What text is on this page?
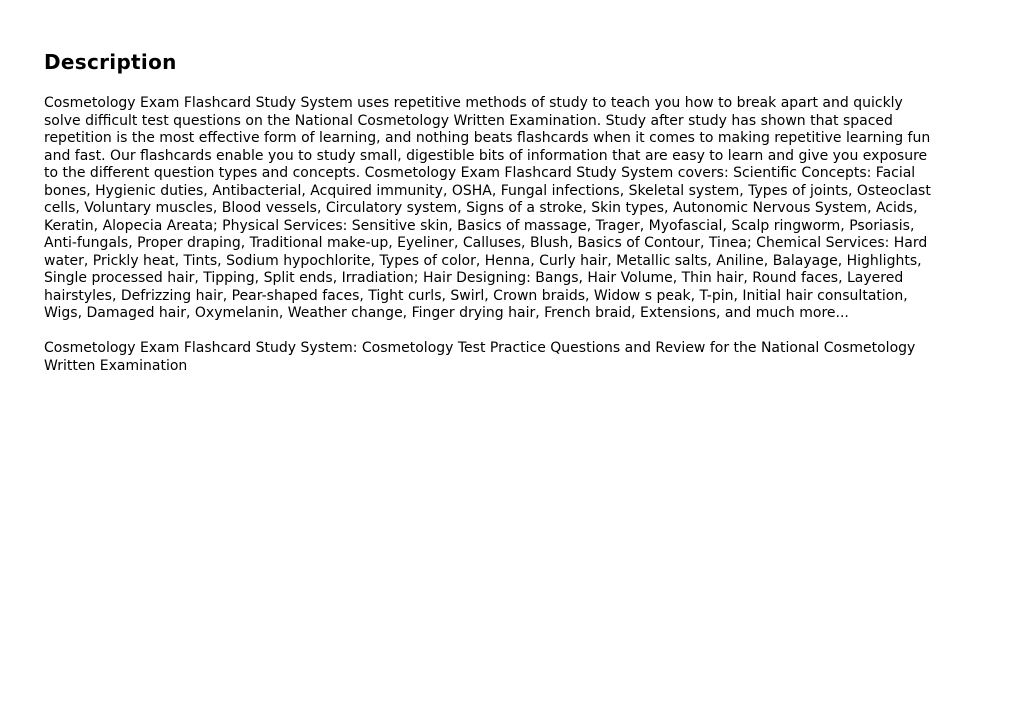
Description

Cosmetology Exam Flashcard Study System uses repetitive methods of study to teach you how to break apart and quickly
solve difficult test questions on the National Cosmetology Written Examination. Study after study has shown that spaced
repetition is the most effective form of learning, and nothing beats flashcards when it comes to making repetitive learning fun
and fast. Our flashcards enable you to study small, digestible bits of information that are easy to learn and give you exposure
to the different question types and concepts. Cosmetology Exam Flashcard Study System covers: Scientific Concepts: Facial
bones, Hygienic duties, Antibacterial, Acquired immunity, OSHA, Fungal infections, Skeletal system, Types of joints, Osteoclast
cells, Voluntary muscles, Blood vessels, Circulatory system, Signs of a stroke, Skin types, Autonomic Nervous System, Acids,
Keratin, Alopecia Areata; Physical Services: Sensitive skin, Basics of massage, Trager, Myofascial, Scalp ringworm, Psoriasis,
Anti-fungals, Proper draping, Traditional make-up, Eyeliner, Calluses, Blush, Basics of Contour, Tinea; Chemical Services: Hard
water, Prickly heat, Tints, Sodium hypochlorite, Types of color, Henna, Curly hair, Metallic salts, Aniline, Balayage, Highlights,
Single processed hair, Tipping, Split ends, Irradiation; Hair Designing: Bangs, Hair Volume, Thin hair, Round faces, Layered
hairstyles, Defrizzing hair, Pear-shaped faces, Tight curls, Swirl, Crown braids, Widow s peak, T-pin, Initial hair consultation,
Wigs, Damaged hair, Oxymelanin, Weather change, Finger drying hair, French braid, Extensions, and much more...

Cosmetology Exam Flashcard Study System: Cosmetology Test Practice Questions and Review for the National Cosmetology
Written Examination
